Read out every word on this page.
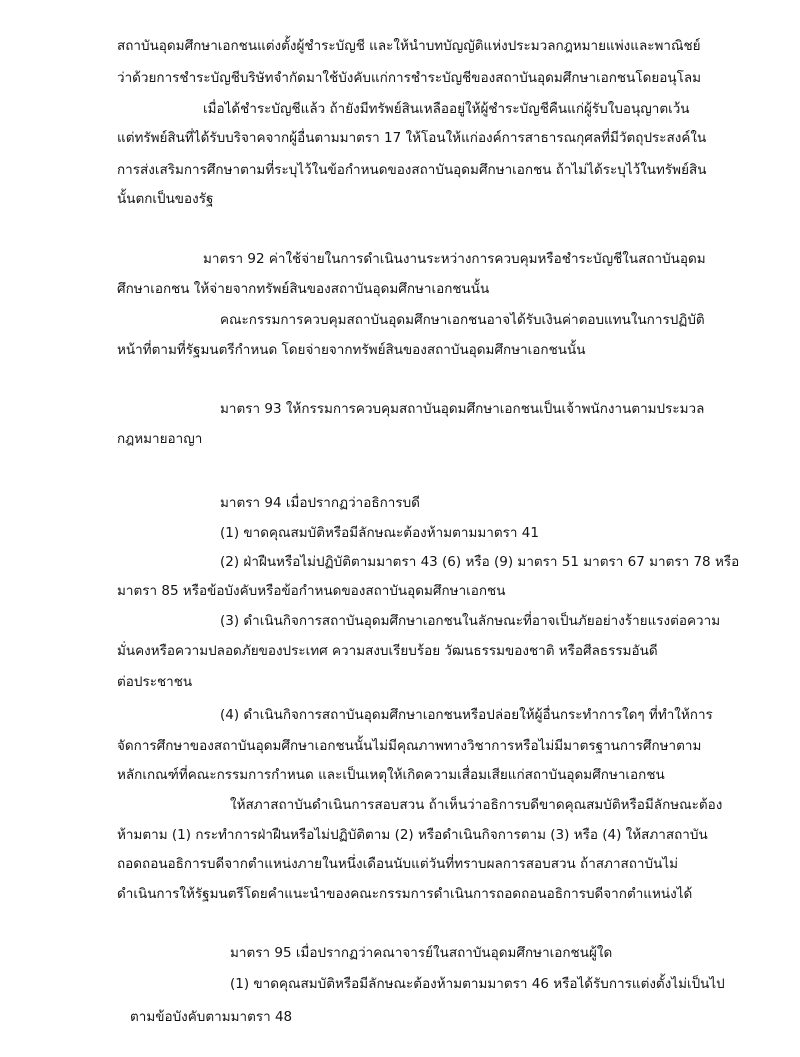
สถาบันอุดมศึกษาเอกชนแต่งตั้งผู้ชำระบัญชี และให้นำบทบัญญัติแห่งประมวลกฎหมายแพ่งและพาณิชย์
ว่าด้วยการชำระบัญชีบริษัทจำกัดมาใช้บังคับแก่การชำระบัญชีของสถาบันอุดมศึกษาเอกชนโดยอนุโลม
เมื่อได้ชำระบัญชีแล้ว ถ้ายังมีทรัพย์สินเหลืออยู่ให้ผู้ชำระบัญชีคืนแก่ผู้รับใบอนุญาตเว้น
แต่ทรัพย์สินที่ได้รับบริจาคจากผู้อื่นตามมาตรา 17 ให้โอนให้แก่องค์การสาธารณกุศลที่มีวัตถุประสงค์ใน
การส่งเสริมการศึกษาตามที่ระบุไว้ในข้อกำหนดของสถาบันอุดมศึกษาเอกชน ถ้าไม่ได้ระบุไว้ในทรัพย์สิน
นั้นตกเป็นของรัฐ
มาตรา 92 ค่าใช้จ่ายในการดำเนินงานระหว่างการควบคุมหรือชำระบัญชีในสถาบันอุดม
ศึกษาเอกชน ให้จ่ายจากทรัพย์สินของสถาบันอุดมศึกษาเอกชนนั้น
คณะกรรมการควบคุมสถาบันอุดมศึกษาเอกชนอาจได้รับเงินค่าตอบแทนในการปฏิบัติ
หน้าที่ตามที่รัฐมนตรีกำหนด โดยจ่ายจากทรัพย์สินของสถาบันอุดมศึกษาเอกชนนั้น
มาตรา 93 ให้กรรมการควบคุมสถาบันอุดมศึกษาเอกชนเป็นเจ้าพนักงานตามประมวล
กฎหมายอาญา
มาตรา 94 เมื่อปรากฏว่าอธิการบดี
(1) ขาดคุณสมบัติหรือมีลักษณะต้องห้ามตามมาตรา 41
(2) ฝ่าฝืนหรือไม่ปฏิบัติตามมาตรา 43 (6) หรือ (9) มาตรา 51 มาตรา 67 มาตรา 78 หรือ
มาตรา 85 หรือข้อบังคับหรือข้อกำหนดของสถาบันอุดมศึกษาเอกชน
(3) ดำเนินกิจการสถาบันอุดมศึกษาเอกชนในลักษณะที่อาจเป็นภัยอย่างร้ายแรงต่อความ
มั่นคงหรือความปลอดภัยของประเทศ ความสงบเรียบร้อย วัฒนธรรมของชาติ หรือศีลธรรมอันดี
ต่อประชาชน
(4) ดำเนินกิจการสถาบันอุดมศึกษาเอกชนหรือปล่อยให้ผู้อื่นกระทำการใดๆ ที่ทำให้การ
จัดการศึกษาของสถาบันอุดมศึกษาเอกชนนั้นไม่มีคุณภาพทางวิชาการหรือไม่มีมาตรฐานการศึกษาตาม
หลักเกณฑ์ที่คณะกรรมการกำหนด และเป็นเหตุให้เกิดความเสื่อมเสียแก่สถาบันอุดมศึกษาเอกชน
ให้สภาสถาบันดำเนินการสอบสวน ถ้าเห็นว่าอธิการบดีขาดคุณสมบัติหรือมีลักษณะต้อง
ห้ามตาม (1) กระทำการฝ่าฝืนหรือไม่ปฏิบัติตาม (2) หรือดำเนินกิจการตาม (3) หรือ (4) ให้สภาสถาบัน
ถอดถอนอธิการบดีจากตำแหน่งภายในหนึ่งเดือนนับแต่วันที่ทราบผลการสอบสวน ถ้าสภาสถาบันไม่
ดำเนินการให้รัฐมนตรีโดยคำแนะนำของคณะกรรมการดำเนินการถอดถอนอธิการบดีจากตำแหน่งได้
มาตรา 95 เมื่อปรากฏว่าคณาจารย์ในสถาบันอุดมศึกษาเอกชนผู้ใด
(1) ขาดคุณสมบัติหรือมีลักษณะต้องห้ามตามมาตรา 46 หรือได้รับการแต่งตั้งไม่เป็นไป
ตามข้อบังคับตามมาตรา 48
